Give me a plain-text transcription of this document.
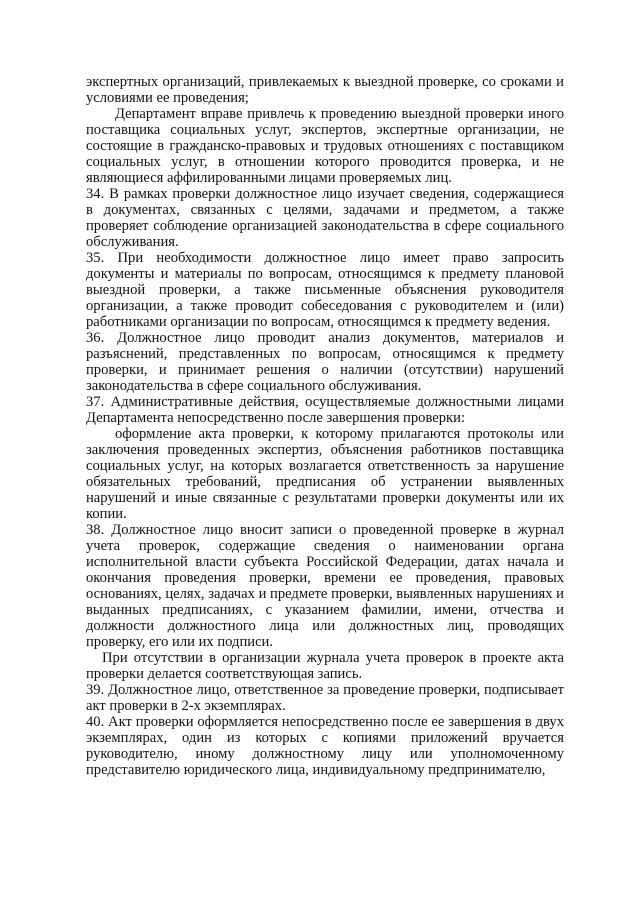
экспертных организаций, привлекаемых к выездной проверке, со сроками и условиями ее проведения;

Департамент вправе привлечь к проведению выездной проверки иного поставщика социальных услуг, экспертов, экспертные организации, не состоящие в гражданско-правовых и трудовых отношениях с поставщиком социальных услуг, в отношении которого проводится проверка, и не являющиеся аффилированными лицами проверяемых лиц.

34. В рамках проверки должностное лицо изучает сведения, содержащиеся в документах, связанных с целями, задачами и предметом, а также проверяет соблюдение организацией законодательства в сфере социального обслуживания.

35. При необходимости должностное лицо имеет право запросить документы и материалы по вопросам, относящимся к предмету плановой выездной проверки, а также письменные объяснения руководителя организации, а также проводит собеседования с руководителем и (или) работниками организации по вопросам, относящимся к предмету ведения.

36. Должностное лицо проводит анализ документов, материалов и разъяснений, представленных по вопросам, относящимся к предмету проверки, и принимает решения о наличии (отсутствии) нарушений законодательства в сфере социального обслуживания.

37. Административные действия, осуществляемые должностными лицами Департамента непосредственно после завершения проверки:

оформление акта проверки, к которому прилагаются протоколы или заключения проведенных экспертиз, объяснения работников поставщика социальных услуг, на которых возлагается ответственность за нарушение обязательных требований, предписания об устранении выявленных нарушений и иные связанные с результатами проверки документы или их копии.

38. Должностное лицо вносит записи о проведенной проверке в журнал учета проверок, содержащие сведения о наименовании органа исполнительной власти субъекта Российской Федерации, датах начала и окончания проведения проверки, времени ее проведения, правовых основаниях, целях, задачах и предмете проверки, выявленных нарушениях и выданных предписаниях, с указанием фамилии, имени, отчества и должности должностного лица или должностных лиц, проводящих проверку, его или их подписи.

При отсутствии в организации журнала учета проверок в проекте акта проверки делается соответствующая запись.

39. Должностное лицо, ответственное за проведение проверки, подписывает акт проверки в 2-х экземплярах.

40. Акт проверки оформляется непосредственно после ее завершения в двух экземплярах, один из которых с копиями приложений вручается руководителю, иному должностному лицу или уполномоченному представителю юридического лица, индивидуальному предпринимателю,
